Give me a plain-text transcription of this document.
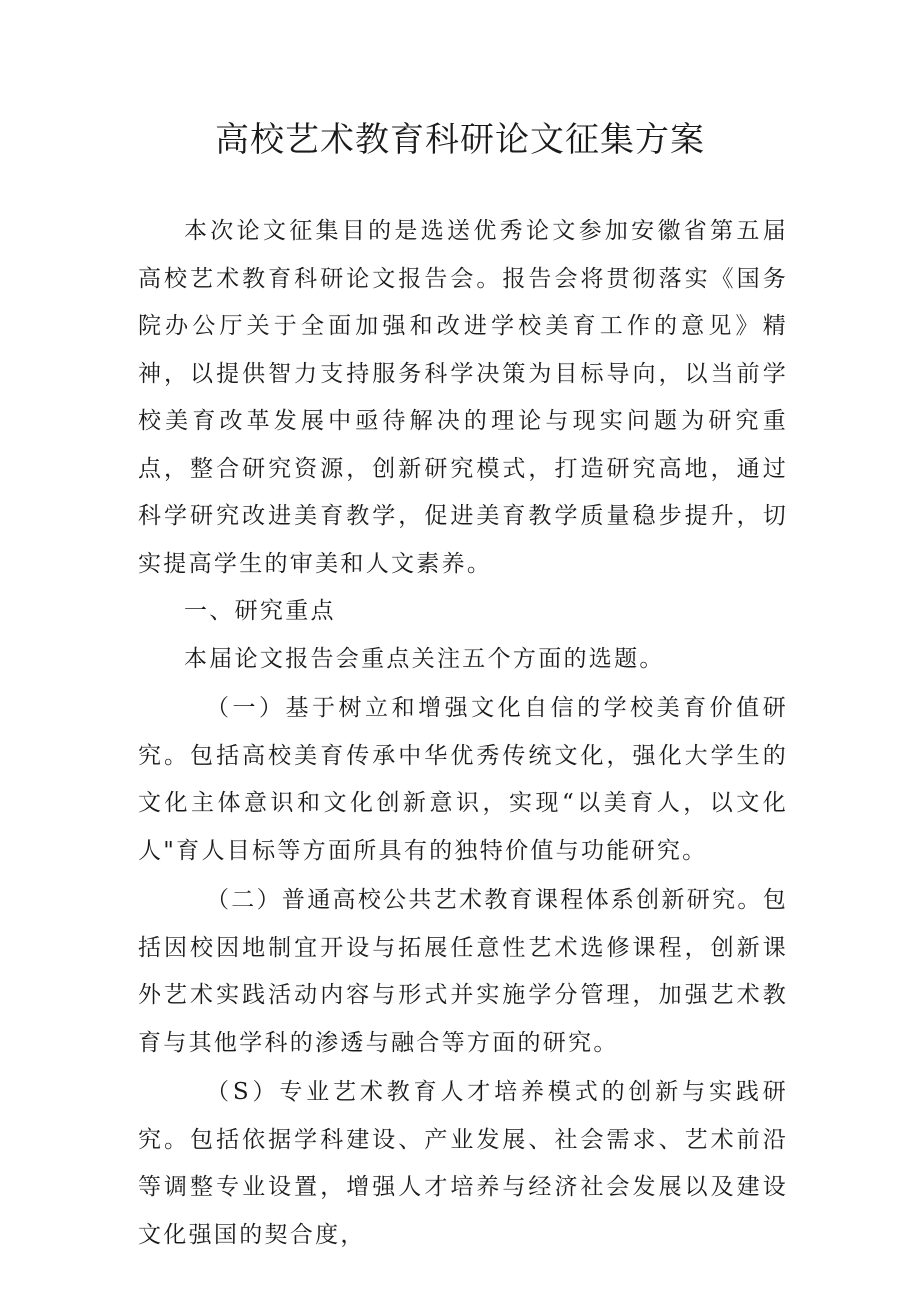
高校艺术教育科研论文征集方案

本次论文征集目的是选送优秀论文参加安徽省第五届高校艺术教育科研论文报告会。报告会将贯彻落实《国务院办公厅关于全面加强和改进学校美育工作的意见》精神，以提供智力支持服务科学决策为目标导向，以当前学校美育改革发展中亟待解决的理论与现实问题为研究重点，整合研究资源，创新研究模式，打造研究高地，通过科学研究改进美育教学，促进美育教学质量稳步提升，切实提高学生的审美和人文素养。

一、研究重点

本届论文报告会重点关注五个方面的选题。

（一）基于树立和增强文化自信的学校美育价值研究。包括高校美育传承中华优秀传统文化，强化大学生的文化主体意识和文化创新意识，实现“以美育人，以文化人"育人目标等方面所具有的独特价值与功能研究。

（二）普通高校公共艺术教育课程体系创新研究。包括因校因地制宜开设与拓展任意性艺术选修课程，创新课外艺术实践活动内容与形式并实施学分管理，加强艺术教育与其他学科的渗透与融合等方面的研究。

（S）专业艺术教育人才培养模式的创新与实践研究。包括依据学科建设、产业发展、社会需求、艺术前沿等调整专业设置，增强人才培养与经济社会发展以及建设文化强国的契合度，
